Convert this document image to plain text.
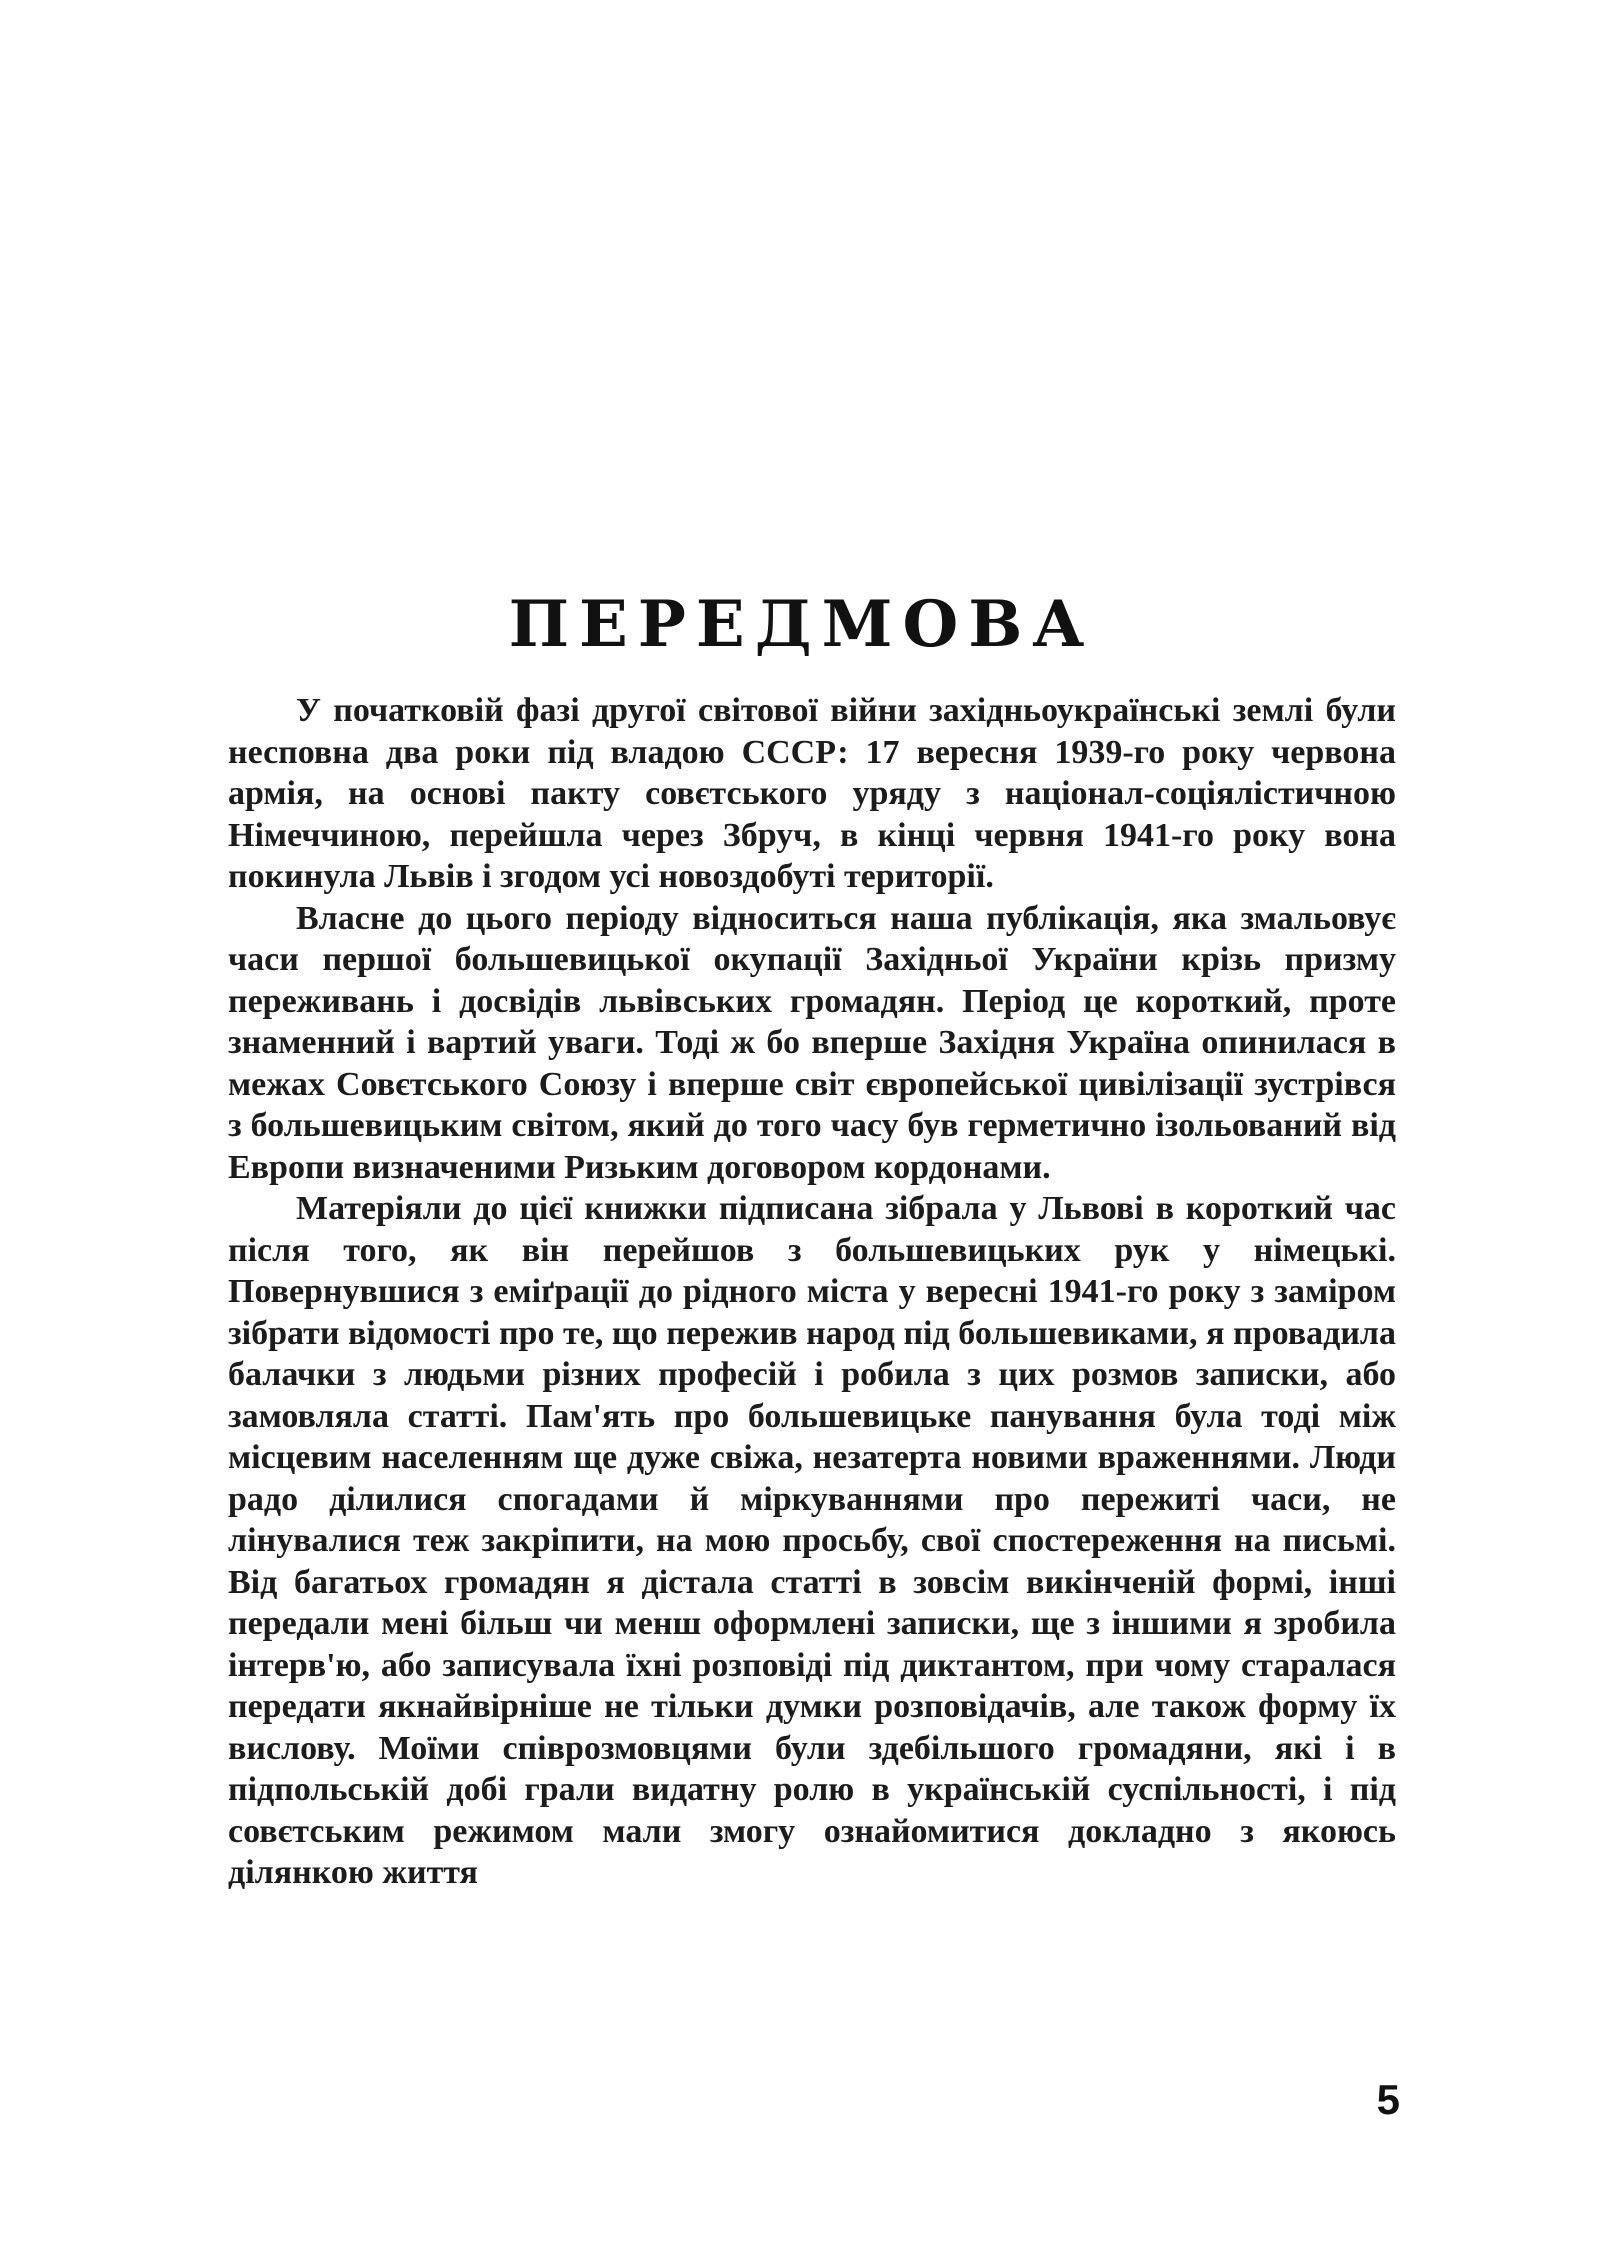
ПЕРЕДМОВА

У початковій фазі другої світової війни західньоукраїнські землі були несповна два роки під владою СССР: 17 вересня 1939-го року червона армія, на основі пакту совєтського уряду з націонал-соціялістичною Німеччиною, перейшла через Збруч, в кінці червня 1941-го року вона покинула Львів і згодом усі новоздобуті території.

Власне до цього періоду відноситься наша публікація, яка змальовує часи першої большевицької окупації Західньої України крізь призму переживань і досвідів львівських громадян. Період це короткий, проте знаменний і вартий уваги. Тоді ж бо вперше Західня Україна опинилася в межах Совєтського Союзу і вперше світ європейської цивілізації зустрівся з большевицьким світом, який до того часу був герметично ізольований від Европи визначеними Ризьким договором кордонами.

Матеріяли до цієї книжки підписана зібрала у Львові в короткий час після того, як він перейшов з большевицьких рук у німецькі. Повернувшися з еміґрації до рідного міста у вересні 1941-го року з заміром зібрати відомості про те, що пережив народ під большевиками, я провадила балачки з людьми різних професій і робила з цих розмов записки, або замовляла статті. Пам'ять про большевицьке панування була тоді між місцевим населенням ще дуже свіжа, незатерта новими враженнями. Люди радо ділилися спогадами й міркуваннями про пережиті часи, не лінувалися теж закріпити, на мою просьбу, свої спостереження на письмі. Від багатьох громадян я дістала статті в зовсім викінченій формі, інші передали мені більш чи менш оформлені записки, ще з іншими я зробила інтерв'ю, або записувала їхні розповіді під диктантом, при чому старалася передати якнайвірніше не тільки думки розповідачів, але також форму їх вислову. Моїми співрозмовцями були здебільшого громадяни, які і в підпольській добі грали видатну ролю в українській суспільності, і під совєтським режимом мали змогу ознайомитися докладно з якоюсь ділянкою життя

5
